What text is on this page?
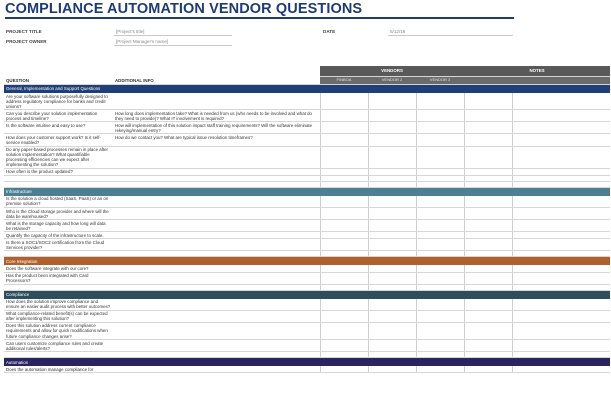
COMPLIANCE AUTOMATION VENDOR QUESTIONS
PROJECT TITLE	[Project's title]
PROJECT OWNER	[Project Manager's name]
DATE	5/12/18
QUESTION	ADDITIONAL INFO	VENDORS			NOTES	
		FINBOA	VENDOR 2	VENDOR 3		
General, Implementation and Support Questions						
Are your software solutions purposefully designed to address regulatory compliance for banks and credit unions?						
Can you describe your solution implementation process and timeline?	How long does implementation take? What is needed from us (who needs to be involved and what do they need to provide)? What IT involvement is required?					
Is the software intuitive and easy to use?	How will implementation of this solution impact staff training requirements? Will the software eliminate rekeying/manual entry?					
How does your customer support work? Is it self-service enabled?	How do we contact you? What are typical issue resolution timeframes?					
Do any paper-based processes remain in place after solution implementation? What quantifiable processing efficiencies can we expect after implementing the solution?						
How often is the product updated?						

Infrastructure						
Is the solution a cloud hosted (SaaS, PaaS) or an on premise solution?						
Who is the Cloud storage provider and where will the data be warehoused?						
What is the storage capacity and how long will data be retained?						
Quantify the capacity of the infrastructure to scale.						
Is there a SOC1/SOC2 certification from the Cloud Services provider?						

Core Integration						
Does the software integrate with our core?						
Has the product been integrated with Card Processors?						

Compliance						
How does the solution improve compliance and ensure an easier audit process with better outcomes?						
What compliance-related benefit(s) can be expected after implementing this solution?						
Does this solution address current compliance requirements and allow for quick modifications when future compliance changes arise?						
Can users customize compliance rules and create additional rules/alerts?						

Automation						
Does the automation manage compliance for						
